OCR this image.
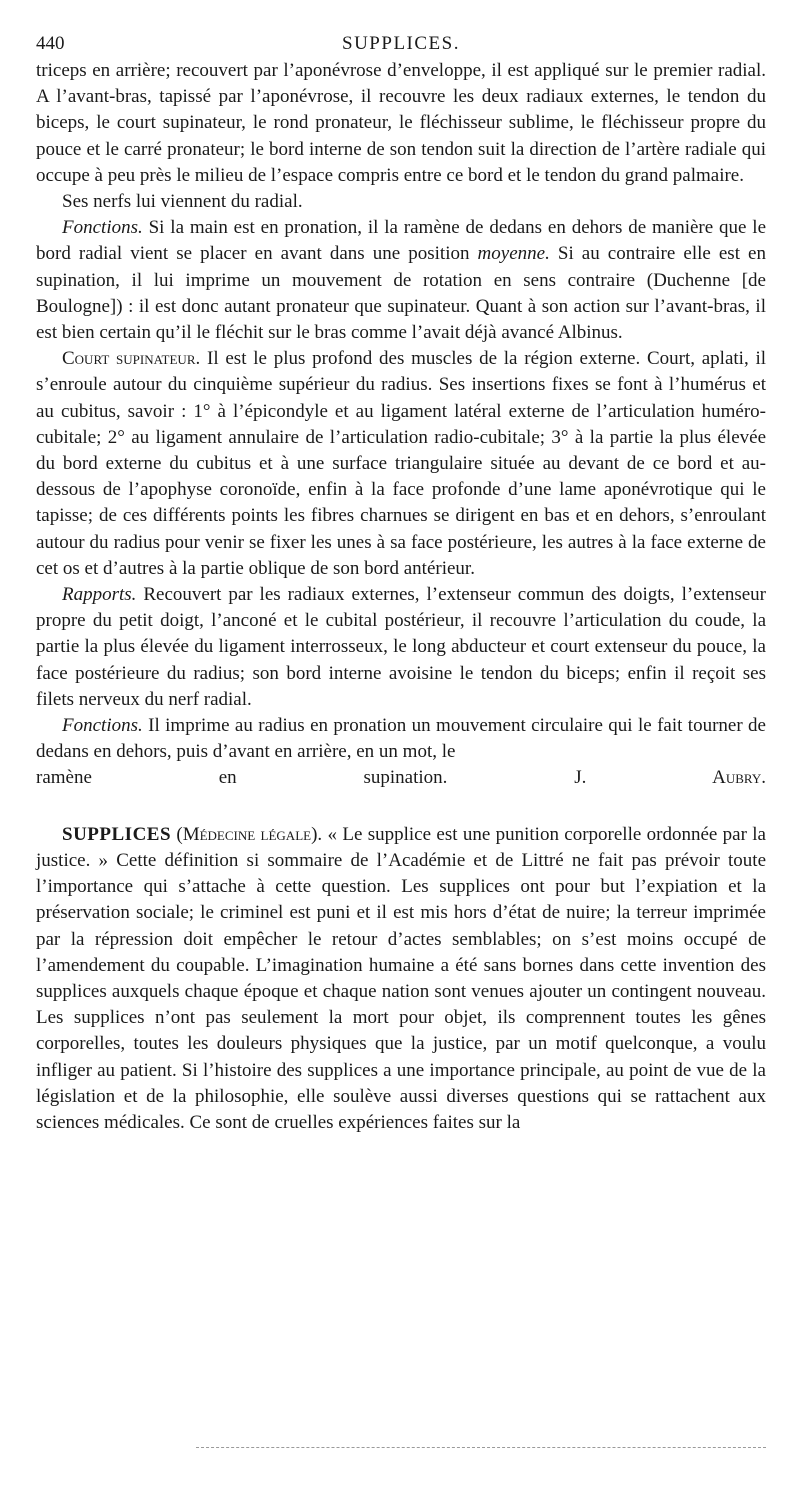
440	SUPPLICES.

triceps en arrière; recouvert par l’aponévrose d’enveloppe, il est appliqué sur le premier radial. A l’avant-bras, tapissé par l’aponévrose, il recouvre les deux radiaux externes, le tendon du biceps, le court supinateur, le rond pronateur, le fléchisseur sublime, le fléchisseur propre du pouce et le carré pronateur; le bord interne de son tendon suit la direction de l’artère radiale qui occupe à peu près le milieu de l’espace compris entre ce bord et le tendon du grand palmaire.

Ses nerfs lui viennent du radial.

Fonctions. Si la main est en pronation, il la ramène de dedans en dehors de manière que le bord radial vient se placer en avant dans une position moyenne. Si au contraire elle est en supination, il lui imprime un mouvement de rotation en sens contraire (Duchenne [de Boulogne]) : il est donc autant pronateur que supinateur. Quant à son action sur l’avant-bras, il est bien certain qu’il le fléchit sur le bras comme l’avait déjà avancé Albinus.

Court supinateur. Il est le plus profond des muscles de la région externe. Court, aplati, il s’enroule autour du cinquième supérieur du radius. Ses insertions fixes se font à l’humérus et au cubitus, savoir : 1° à l’épicondyle et au ligament latéral externe de l’articulation huméro-cubitale; 2° au ligament annulaire de l’articulation radio-cubitale; 3° à la partie la plus élevée du bord externe du cubitus et à une surface triangulaire située au devant de ce bord et au-dessous de l’apophyse coronoïde, enfin à la face profonde d’une lame aponévrotique qui le tapisse; de ces différents points les fibres charnues se dirigent en bas et en dehors, s’enroulant autour du radius pour venir se fixer les unes à sa face postérieure, les autres à la face externe de cet os et d’autres à la partie oblique de son bord antérieur.

Rapports. Recouvert par les radiaux externes, l’extenseur commun des doigts, l’extenseur propre du petit doigt, l’anconé et le cubital postérieur, il recouvre l’articulation du coude, la partie la plus élevée du ligament interrosseux, le long abducteur et court extenseur du pouce, la face postérieure du radius; son bord interne avoisine le tendon du biceps; enfin il reçoit ses filets nerveux du nerf radial.

Fonctions. Il imprime au radius en pronation un mouvement circulaire qui le fait tourner de dedans en dehors, puis d’avant en arrière, en un mot, le

ramène en supination.	J. Aubry.

SUPPLICES (Médecine légale). « Le supplice est une punition corporelle ordonnée par la justice. » Cette définition si sommaire de l’Académie et de Littré ne fait pas prévoir toute l’importance qui s’attache à cette question. Les supplices ont pour but l’expiation et la préservation sociale; le criminel est puni et il est mis hors d’état de nuire; la terreur imprimée par la répression doit empêcher le retour d’actes semblables; on s’est moins occupé de l’amendement du coupable. L’imagination humaine a été sans bornes dans cette invention des supplices auxquels chaque époque et chaque nation sont venues ajouter un contingent nouveau. Les supplices n’ont pas seulement la mort pour objet, ils comprennent toutes les gênes corporelles, toutes les douleurs physiques que la justice, par un motif quelconque, a voulu infliger au patient. Si l’histoire des supplices a une importance principale, au point de vue de la législation et de la philosophie, elle soulève aussi diverses questions qui se rattachent aux sciences médicales. Ce sont de cruelles expériences faites sur la
